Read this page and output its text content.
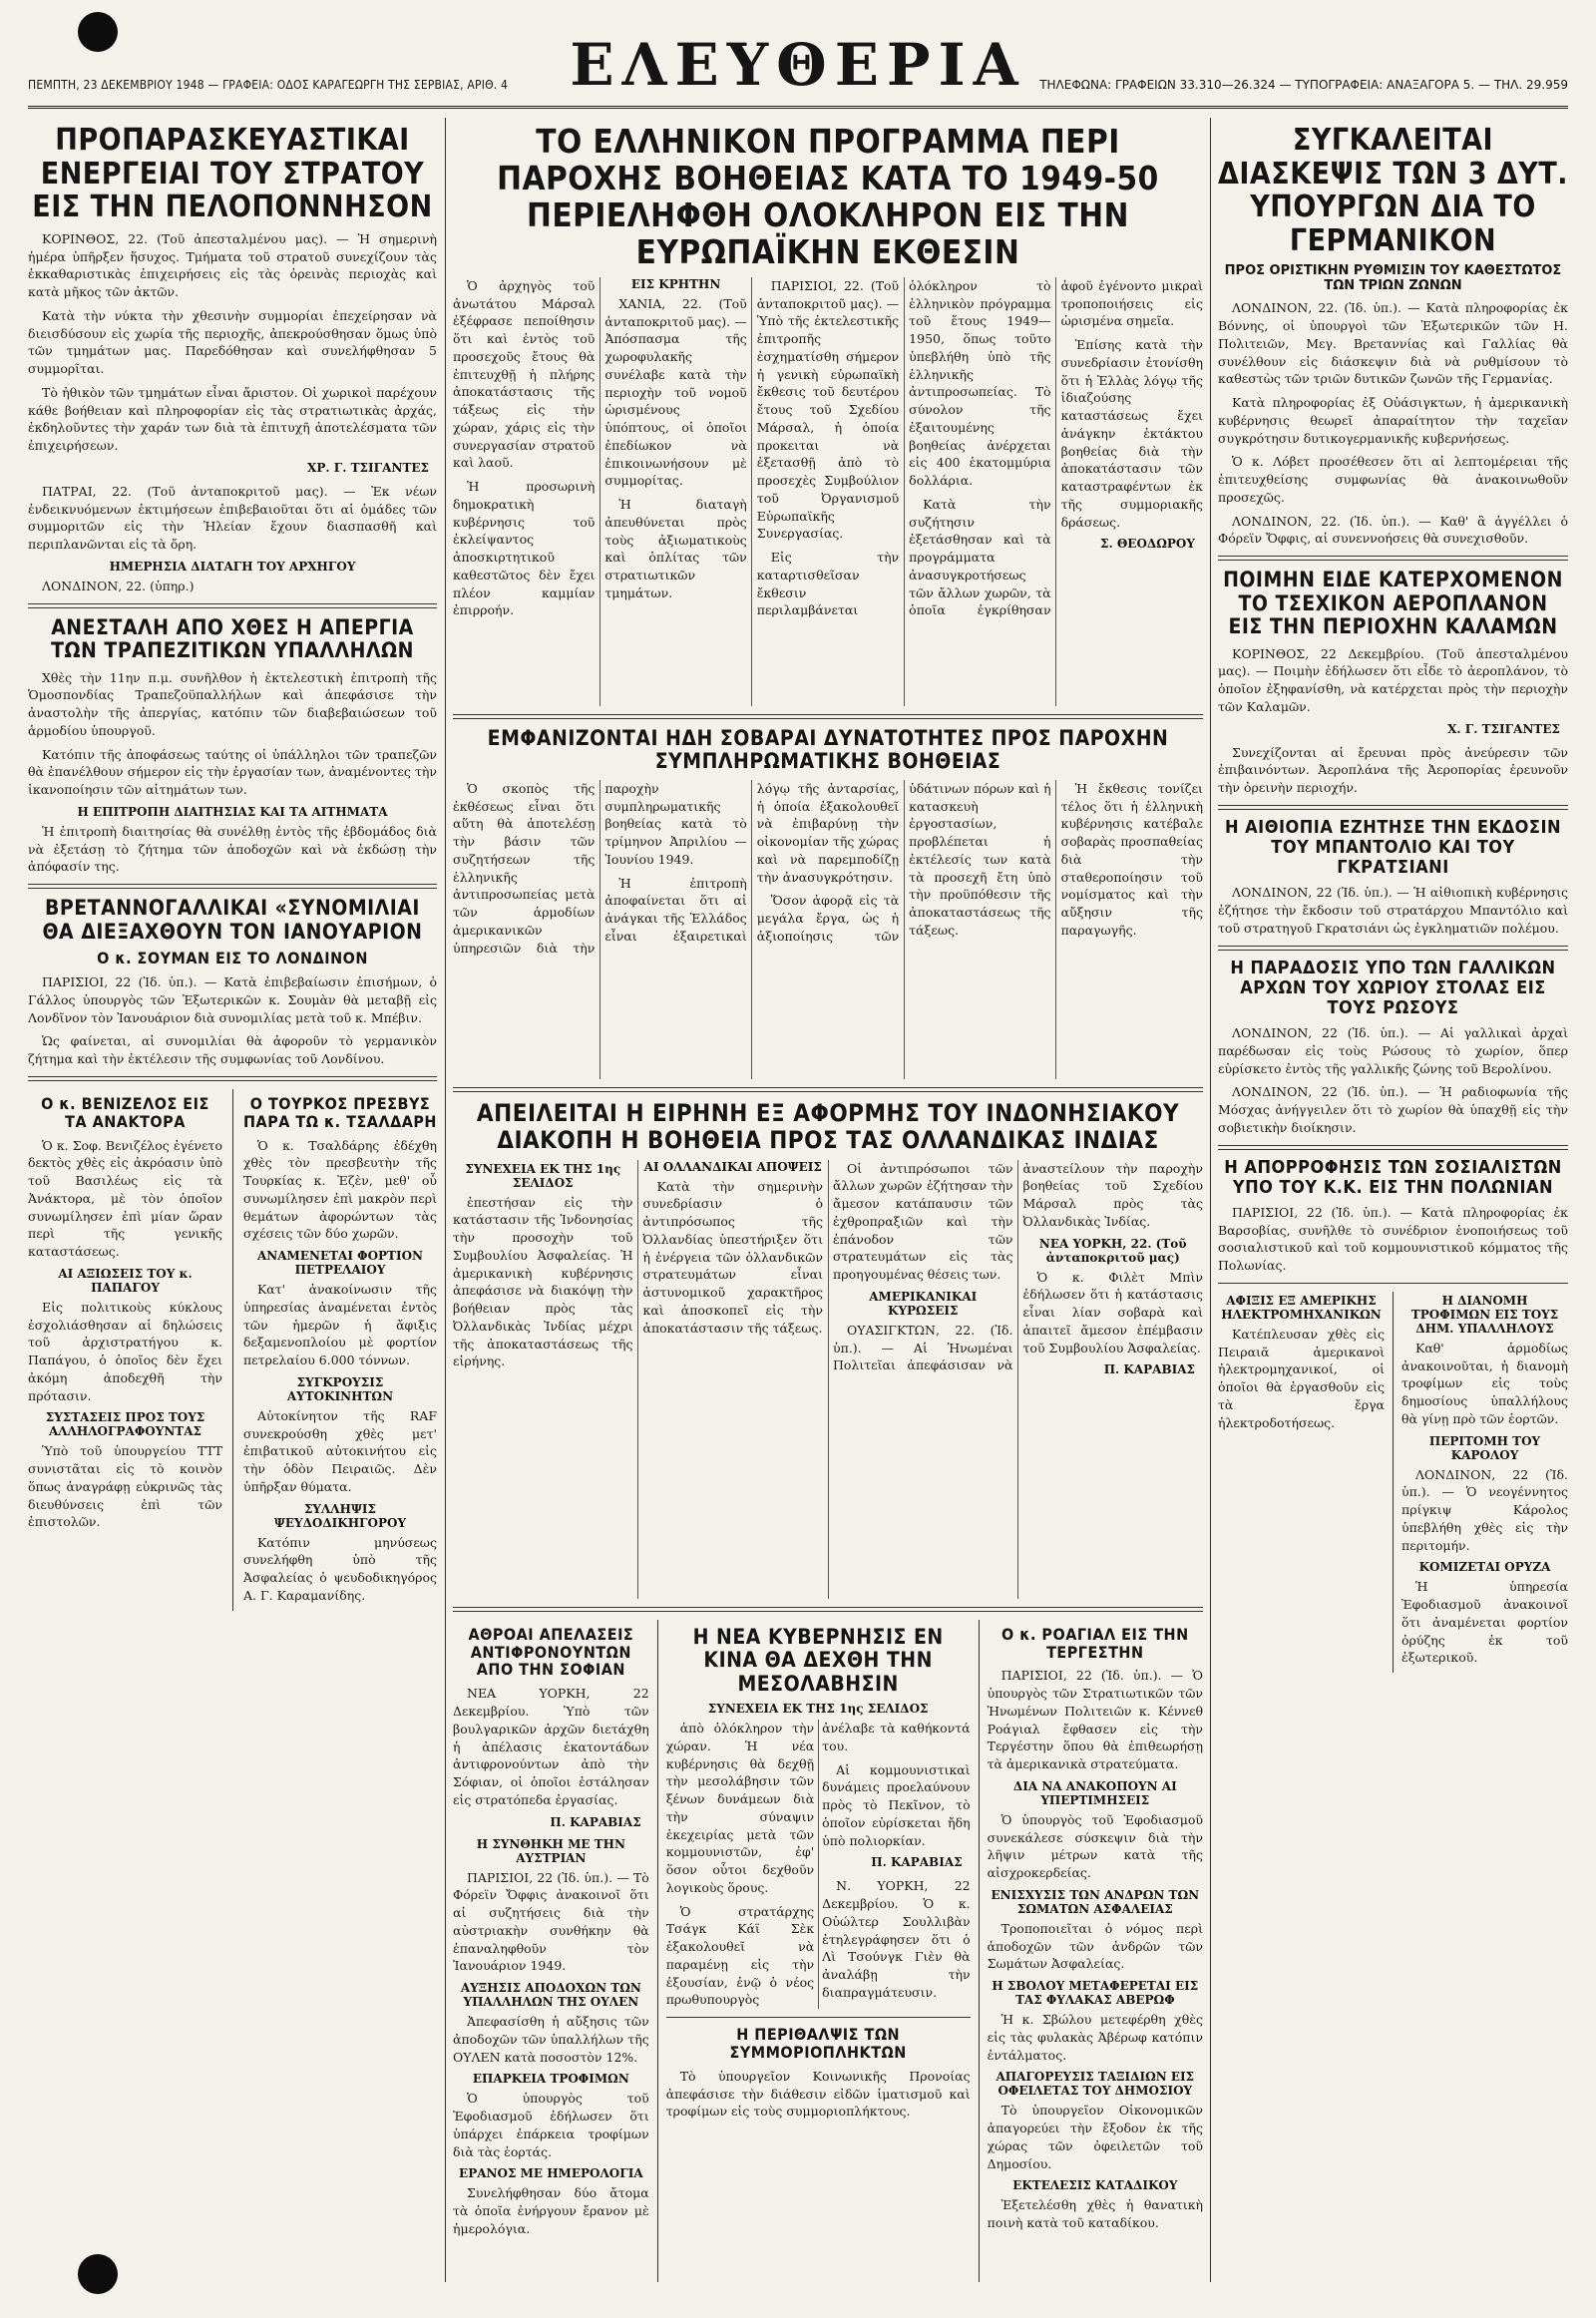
ΠΕΜΠΤΗ, 23 ΔΕΚΕΜΒΡΙΟΥ 1948 — ΓΡΑΦΕΙΑ: ΟΔΟΣ ΚΑΡΑΓΕΩΡΓΗ ΤΗΣ ΣΕΡΒΙΑΣ, ΑΡΙΘ. 4	ΕΛΕΥΘΕΡΙΑ	ΤΗΛΕΦΩΝΑ: ΓΡΑΦΕΙΩΝ 33.310—26.324 — ΤΥΠΟΓΡΑΦΕΙΑ: ΑΝΑΞΑΓΟΡΑ 5. — ΤΗΛ. 29.959
ΠΡΟΠΑΡΑΣΚΕΥΑΣΤΙΚΑΙ ΕΝΕΡΓΕΙΑΙ ΤΟΥ ΣΤΡΑΤΟΥ ΕΙΣ ΤΗΝ ΠΕΛΟΠΟΝΝΗΣΟΝ

ΚΟΡΙΝΘΟΣ, 22. (Τοῦ ἀπεσταλμένου μας). — Ἡ σημερινὴ ἡμέρα ὑπῆρξεν ἥσυχος. Τμήματα τοῦ στρατοῦ συνεχίζουν τὰς ἐκκαθαριστικὰς ἐπιχειρήσεις εἰς τὰς ὀρεινὰς περιοχὰς καὶ κατὰ μῆκος τῶν ἀκτῶν.

Κατὰ τὴν νύκτα τὴν χθεσινὴν συμμορίαι ἐπεχείρησαν νὰ διεισδύσουν εἰς χωρία τῆς περιοχῆς, ἀπεκρούσθησαν ὅμως ὑπὸ τῶν τμημάτων μας. Παρεδόθησαν καὶ συνελήφθησαν 5 συμμορῖται.

Τὸ ἠθικὸν τῶν τμημάτων εἶναι ἄριστον. Οἱ χωρικοὶ παρέχουν κάθε βοήθειαν καὶ πληροφορίαν εἰς τὰς στρατιωτικὰς ἀρχάς, ἐκδηλοῦντες τὴν χαράν των διὰ τὰ ἐπιτυχῆ ἀποτελέσματα τῶν ἐπιχειρήσεων.

ΧΡ. Γ. ΤΣΙΓΑΝΤΕΣ

ΠΑΤΡΑΙ, 22. (Τοῦ ἀνταποκριτοῦ μας). — Ἐκ νέων ἐνδεικνυόμενων ἐκτιμήσεων ἐπιβεβαιοῦται ὅτι αἱ ὁμάδες τῶν συμμοριτῶν εἰς τὴν Ἠλείαν ἔχουν διασπασθῆ καὶ περιπλανῶνται εἰς τὰ ὄρη.

ΗΜΕΡΗΣΙΑ ΔΙΑΤΑΓΗ ΤΟΥ ΑΡΧΗΓΟΥ

ΛΟΝΔΙΝΟΝ, 22. (ὑπηρ.)

ΑΝΕΣΤΑΛΗ ΑΠΟ ΧΘΕΣ Η ΑΠΕΡΓΙΑ ΤΩΝ ΤΡΑΠΕΖΙΤΙΚΩΝ ΥΠΑΛΛΗΛΩΝ

Χθὲς τὴν 11ην π.μ. συνῆλθον ἡ ἐκτελεστικὴ ἐπιτροπὴ τῆς Ὁμοσπονδίας Τραπεζοϋπαλλήλων καὶ ἀπεφάσισε τὴν ἀναστολὴν τῆς ἀπεργίας, κατόπιν τῶν διαβεβαιώσεων τοῦ ἁρμοδίου ὑπουργοῦ.

Κατόπιν τῆς ἀποφάσεως ταύτης οἱ ὑπάλληλοι τῶν τραπεζῶν θὰ ἐπανέλθουν σήμερον εἰς τὴν ἐργασίαν των, ἀναμένοντες τὴν ἱκανοποίησιν τῶν αἰτημάτων των.

Η ΕΠΙΤΡΟΠΗ ΔΙΑΙΤΗΣΙΑΣ ΚΑΙ ΤΑ ΑΙΤΗΜΑΤΑ

Ἡ ἐπιτροπὴ διαιτησίας θὰ συνέλθῃ ἐντὸς τῆς ἑβδομάδος διὰ νὰ ἐξετάσῃ τὸ ζήτημα τῶν ἀποδοχῶν καὶ νὰ ἐκδώσῃ τὴν ἀπόφασίν της.

ΒΡΕΤΑΝΝΟΓΑΛΛΙΚΑΙ «ΣΥΝΟΜΙΛΙΑΙ ΘΑ ΔΙΕΞΑΧΘΟΥΝ ΤΟΝ ΙΑΝΟΥΑΡΙΟΝ
Ο κ. ΣΟΥΜΑΝ ΕΙΣ ΤΟ ΛΟΝΔΙΝΟΝ

ΠΑΡΙΣΙΟΙ, 22 (Ἰδ. ὑπ.). — Κατὰ ἐπιβεβαίωσιν ἐπισήμων, ὁ Γάλλος ὑπουργὸς τῶν Ἐξωτερικῶν κ. Σουμὰν θὰ μεταβῇ εἰς Λονδῖνον τὸν Ἰανουάριον διὰ συνομιλίας μετὰ τοῦ κ. Μπέβιν.

Ὡς φαίνεται, αἱ συνομιλίαι θὰ ἀφοροῦν τὸ γερμανικὸν ζήτημα καὶ τὴν ἐκτέλεσιν τῆς συμφωνίας τοῦ Λονδίνου.

Ο κ. ΒΕΝΙΖΕΛΟΣ ΕΙΣ ΤΑ ΑΝΑΚΤΟΡΑ

Ὁ κ. Σοφ. Βενιζέλος ἐγένετο δεκτὸς χθὲς εἰς ἀκρόασιν ὑπὸ τοῦ Βασιλέως εἰς τὰ Ἀνάκτορα, μὲ τὸν ὁποῖον συνωμίλησεν ἐπὶ μίαν ὥραν περὶ τῆς γενικῆς καταστάσεως.

ΑΙ ΑΞΙΩΣΕΙΣ ΤΟΥ κ. ΠΑΠΑΓΟΥ

Εἰς πολιτικοὺς κύκλους ἐσχολιάσθησαν αἱ δηλώσεις τοῦ ἀρχιστρατήγου κ. Παπάγου, ὁ ὁποῖος δὲν ἔχει ἀκόμη ἀποδεχθῆ τὴν πρότασιν.

ΣΥΣΤΑΣΕΙΣ ΠΡΟΣ ΤΟΥΣ ΑΛΛΗΛΟΓΡΑΦΟΥΝΤΑΣ

Ὑπὸ τοῦ ὑπουργείου ΤΤΤ συνιστᾶται εἰς τὸ κοινὸν ὅπως ἀναγράφῃ εὐκρινῶς τὰς διευθύνσεις ἐπὶ τῶν ἐπιστολῶν.

Ο ΤΟΥΡΚΟΣ ΠΡΕΣΒΥΣ ΠΑΡΑ ΤΩ κ. ΤΣΑΛΔΑΡΗ

Ὁ κ. Τσαλδάρης ἐδέχθη χθὲς τὸν πρεσβευτὴν τῆς Τουρκίας κ. Ἐζὲν, μεθ' οὗ συνωμίλησεν ἐπὶ μακρὸν περὶ θεμάτων ἀφορώντων τὰς σχέσεις τῶν δύο χωρῶν.

ΑΝΑΜΕΝΕΤΑΙ ΦΟΡΤΙΟΝ ΠΕΤΡΕΛΑΙΟΥ

Κατ' ἀνακοίνωσιν τῆς ὑπηρεσίας ἀναμένεται ἐντὸς τῶν ἡμερῶν ἡ ἄφιξις δεξαμενοπλοίου μὲ φορτίον πετρελαίου 6.000 τόννων.

ΣΥΓΚΡΟΥΣΙΣ ΑΥΤΟΚΙΝΗΤΩΝ

Αὐτοκίνητον τῆς RAF συνεκρούσθη χθὲς μετ' ἐπιβατικοῦ αὐτοκινήτου εἰς τὴν ὁδὸν Πειραιῶς. Δὲν ὑπῆρξαν θύματα.

ΣΥΛΛΗΨΙΣ ΨΕΥΔΟΔΙΚΗΓΟΡΟΥ

Κατόπιν μηνύσεως συνελήφθη ὑπὸ τῆς Ἀσφαλείας ὁ ψευδοδικηγόρος Α. Γ. Καραμανίδης.

ΤΟ ΕΛΛΗΝΙΚΟΝ ΠΡΟΓΡΑΜΜΑ ΠΕΡΙ ΠΑΡΟΧΗΣ ΒΟΗΘΕΙΑΣ ΚΑΤΑ ΤΟ 1949-50 ΠΕΡΙΕΛΗΦΘΗ ΟΛΟΚΛΗΡΟΝ ΕΙΣ ΤΗΝ ΕΥΡΩΠΑΪΚΗΝ ΕΚΘΕΣΙΝ

Ὁ ἀρχηγὸς τοῦ ἀνωτάτου Μάρσαλ ἐξέφρασε πεποίθησιν ὅτι καὶ ἐντὸς τοῦ προσεχοῦς ἔτους θὰ ἐπιτευχθῇ ἡ πλήρης ἀποκατάστασις τῆς τάξεως εἰς τὴν χώραν, χάρις εἰς τὴν συνεργασίαν στρατοῦ καὶ λαοῦ.

Ἡ προσωρινὴ δημοκρατικὴ κυβέρνησις τοῦ ἐκλείψαντος ἀποσκιρτητικοῦ καθεστῶτος δὲν ἔχει πλέον καμμίαν ἐπιρροήν.

ΕΙΣ ΚΡΗΤΗΝ

ΧΑΝΙΑ, 22. (Τοῦ ἀνταποκριτοῦ μας). — Ἀπόσπασμα τῆς χωροφυλακῆς συνέλαβε κατὰ τὴν περιοχὴν τοῦ νομοῦ ὡρισμένους ὑπόπτους, οἱ ὁποῖοι ἐπεδίωκον νὰ ἐπικοινωνήσουν μὲ συμμορίτας.

Ἡ διαταγὴ ἀπευθύνεται πρὸς τοὺς ἀξιωματικοὺς καὶ ὁπλίτας τῶν στρατιωτικῶν τμημάτων.

ΠΑΡΙΣΙΟΙ, 22. (Τοῦ ἀνταποκριτοῦ μας). — Ὑπὸ τῆς ἐκτελεστικῆς ἐπιτροπῆς ἐσχηματίσθη σήμερον ἡ γενικὴ εὐρωπαϊκὴ ἔκθεσις τοῦ δευτέρου ἔτους τοῦ Σχεδίου Μάρσαλ, ἡ ὁποία προκειται νὰ ἐξετασθῇ ἀπὸ τὸ προσεχὲς Συμβούλιον τοῦ Ὀργανισμοῦ Εὐρωπαϊκῆς Συνεργασίας.

Εἰς τὴν καταρτισθεῖσαν ἔκθεσιν περιλαμβάνεται ὁλόκληρον τὸ ἑλληνικὸν πρόγραμμα τοῦ ἔτους 1949—1950, ὅπως τοῦτο ὑπεβλήθη ὑπὸ τῆς ἑλληνικῆς ἀντιπροσωπείας. Τὸ σύνολον τῆς ἐξαιτουμένης βοηθείας ἀνέρχεται εἰς 400 ἑκατομμύρια δολλάρια.

Κατὰ τὴν συζήτησιν ἐξετάσθησαν καὶ τὰ προγράμματα ἀνασυγκροτήσεως τῶν ἄλλων χωρῶν, τὰ ὁποῖα ἐγκρίθησαν ἀφοῦ ἐγένοντο μικραὶ τροποποιήσεις εἰς ὡρισμένα σημεῖα.

Ἐπίσης κατὰ τὴν συνεδρίασιν ἐτονίσθη ὅτι ἡ Ἑλλὰς λόγῳ τῆς ἰδιαζούσης καταστάσεως ἔχει ἀνάγκην ἐκτάκτου βοηθείας διὰ τὴν ἀποκατάστασιν τῶν καταστραφέντων ἐκ τῆς συμμοριακῆς δράσεως.

Σ. ΘΕΟΔΩΡΟΥ
ΕΜΦΑΝΙΖΟΝΤΑΙ ΗΔΗ ΣΟΒΑΡΑΙ ΔΥΝΑΤΟΤΗΤΕΣ ΠΡΟΣ ΠΑΡΟΧΗΝ ΣΥΜΠΛΗΡΩΜΑΤΙΚΗΣ ΒΟΗΘΕΙΑΣ

Ὁ σκοπὸς τῆς ἐκθέσεως εἶναι ὅτι αὕτη θὰ ἀποτελέσῃ τὴν βάσιν τῶν συζητήσεων τῆς ἑλληνικῆς ἀντιπροσωπείας μετὰ τῶν ἁρμοδίων ἀμερικανικῶν ὑπηρεσιῶν διὰ τὴν παροχὴν συμπληρωματικῆς βοηθείας κατὰ τὸ τρίμηνον Ἀπριλίου — Ἰουνίου 1949.

Ἡ ἐπιτροπὴ ἀποφαίνεται ὅτι αἱ ἀνάγκαι τῆς Ἑλλάδος εἶναι ἐξαιρετικαὶ λόγῳ τῆς ἀνταρσίας, ἡ ὁποία ἐξακολουθεῖ νὰ ἐπιβαρύνῃ τὴν οἰκονομίαν τῆς χώρας καὶ νὰ παρεμποδίζῃ τὴν ἀνασυγκρότησιν.

Ὅσον ἀφορᾷ εἰς τὰ μεγάλα ἔργα, ὡς ἡ ἀξιοποίησις τῶν ὑδάτινων πόρων καὶ ἡ κατασκευὴ ἐργοστασίων, προβλέπεται ἡ ἐκτέλεσίς των κατὰ τὰ προσεχῆ ἔτη ὑπὸ τὴν προϋπόθεσιν τῆς ἀποκαταστάσεως τῆς τάξεως.

Ἡ ἔκθεσις τονίζει τέλος ὅτι ἡ ἑλληνικὴ κυβέρνησις κατέβαλε σοβαρὰς προσπαθείας διὰ τὴν σταθεροποίησιν τοῦ νομίσματος καὶ τὴν αὔξησιν τῆς παραγωγῆς.

ΑΠΕΙΛΕΙΤΑΙ Η ΕΙΡΗΝΗ ΕΞ ΑΦΟΡΜΗΣ ΤΟΥ ΙΝΔΟΝΗΣΙΑΚΟΥ ΔΙΑΚΟΠΗ Η ΒΟΗΘΕΙΑ ΠΡΟΣ ΤΑΣ ΟΛΛΑΝΔΙΚΑΣ ΙΝΔΙΑΣ
ΣΥΝΕΧΕΙΑ ΕΚ ΤΗΣ 1ης ΣΕΛΙΔΟΣ

ἐπεστήσαν εἰς τὴν κατάστασιν τῆς Ἰνδονησίας τὴν προσοχὴν τοῦ Συμβουλίου Ἀσφαλείας. Ἡ ἀμερικανικὴ κυβέρνησις ἀπεφάσισε νὰ διακόψῃ τὴν βοήθειαν πρὸς τὰς Ὀλλανδικὰς Ἰνδίας μέχρι τῆς ἀποκαταστάσεως τῆς εἰρήνης.

ΑΙ ΟΛΛΑΝΔΙΚΑΙ ΑΠΟΨΕΙΣ

Κατὰ τὴν σημερινὴν συνεδρίασιν ὁ ἀντιπρόσωπος τῆς Ὀλλανδίας ὑπεστήριξεν ὅτι ἡ ἐνέργεια τῶν ὀλλανδικῶν στρατευμάτων εἶναι ἀστυνομικοῦ χαρακτῆρος καὶ ἀποσκοπεῖ εἰς τὴν ἀποκατάστασιν τῆς τάξεως.

Οἱ ἀντιπρόσωποι τῶν ἄλλων χωρῶν ἐζήτησαν τὴν ἄμεσον κατάπαυσιν τῶν ἐχθροπραξιῶν καὶ τὴν ἐπάνοδον τῶν στρατευμάτων εἰς τὰς προηγουμένας θέσεις των.

ΑΜΕΡΙΚΑΝΙΚΑΙ ΚΥΡΩΣΕΙΣ

ΟΥΑΣΙΓΚΤΩΝ, 22. (Ἰδ. ὑπ.). — Αἱ Ἡνωμέναι Πολιτεῖαι ἀπεφάσισαν νὰ ἀναστείλουν τὴν παροχὴν βοηθείας τοῦ Σχεδίου Μάρσαλ πρὸς τὰς Ὀλλανδικὰς Ἰνδίας.

ΝΕΑ ΥΟΡΚΗ, 22. (Τοῦ ἀνταποκριτοῦ μας)

Ὁ κ. Φιλὲτ Μπὶν ἐδήλωσεν ὅτι ἡ κατάστασις εἶναι λίαν σοβαρὰ καὶ ἀπαιτεῖ ἄμεσον ἐπέμβασιν τοῦ Συμβουλίου Ἀσφαλείας.

Π. ΚΑΡΑΒΙΑΣ
ΑΘΡΟΑΙ ΑΠΕΛΑΣΕΙΣ ΑΝΤΙΦΡΟΝΟΥΝΤΩΝ ΑΠΟ ΤΗΝ ΣΟΦΙΑΝ

ΝΕΑ ΥΟΡΚΗ, 22 Δεκεμβρίου. Ὑπὸ τῶν βουλγαρικῶν ἀρχῶν διετάχθη ἡ ἀπέλασις ἑκατοντάδων ἀντιφρονούντων ἀπὸ τὴν Σόφιαν, οἱ ὁποῖοι ἐστάλησαν εἰς στρατόπεδα ἐργασίας.

Π. ΚΑΡΑΒΙΑΣ
Η ΣΥΝΘΗΚΗ ΜΕ ΤΗΝ ΑΥΣΤΡΙΑΝ

ΠΑΡΙΣΙΟΙ, 22 (Ἰδ. ὑπ.). — Τὸ Φόρεϊν Ὄφφις ἀνακοινοῖ ὅτι αἱ συζητήσεις διὰ τὴν αὐστριακὴν συνθήκην θὰ ἐπαναληφθοῦν τὸν Ἰανουάριον 1949.

ΑΥΞΗΣΙΣ ΑΠΟΔΟΧΩΝ ΤΩΝ ΥΠΑΛΛΗΛΩΝ ΤΗΣ ΟΥΛΕΝ

Ἀπεφασίσθη ἡ αὔξησις τῶν ἀποδοχῶν τῶν ὑπαλλήλων τῆς ΟΥΛΕΝ κατὰ ποσοστὸν 12%.

ΕΠΑΡΚΕΙΑ ΤΡΟΦΙΜΩΝ

Ὁ ὑπουργὸς τοῦ Ἐφοδιασμοῦ ἐδήλωσεν ὅτι ὑπάρχει ἐπάρκεια τροφίμων διὰ τὰς ἑορτάς.

ΕΡΑΝΟΣ ΜΕ ΗΜΕΡΟΛΟΓΙΑ

Συνελήφθησαν δύο ἄτομα τὰ ὁποῖα ἐνήργουν ἔρανον μὲ ἡμερολόγια.

Η ΝΕΑ ΚΥΒΕΡΝΗΣΙΣ ΕΝ ΚΙΝΑ ΘΑ ΔΕΧΘΗ ΤΗΝ ΜΕΣΟΛΑΒΗΣΙΝ
ΣΥΝΕΧΕΙΑ ΕΚ ΤΗΣ 1ης ΣΕΛΙΔΟΣ

ἀπὸ ὁλόκληρον τὴν χώραν. Ἡ νέα κυβέρνησις θὰ δεχθῇ τὴν μεσολάβησιν τῶν ξένων δυνάμεων διὰ τὴν σύναψιν ἐκεχειρίας μετὰ τῶν κομμουνιστῶν, ἐφ' ὅσον οὗτοι δεχθοῦν λογικοὺς ὅρους.

Ὁ στρατάρχης Τσάγκ Κάϊ Σὲκ ἐξακολουθεῖ νὰ παραμένῃ εἰς τὴν ἐξουσίαν, ἐνῷ ὁ νέος πρωθυπουργὸς ἀνέλαβε τὰ καθήκοντά του.

Αἱ κομμουνιστικαὶ δυνάμεις προελαύνουν πρὸς τὸ Πεκῖνον, τὸ ὁποῖον εὑρίσκεται ἤδη ὑπὸ πολιορκίαν.

Π. ΚΑΡΑΒΙΑΣ

Ν. ΥΟΡΚΗ, 22 Δεκεμβρίου. Ὁ κ. Οὐώλτερ Σουλλιβὰν ἐτηλεγράφησεν ὅτι ὁ Λὶ Τσούνγκ Γιὲν θὰ ἀναλάβῃ τὴν διαπραγμάτευσιν.

Η ΠΕΡΙΘΑΛΨΙΣ ΤΩΝ ΣΥΜΜΟΡΙΟΠΛΗΚΤΩΝ

Τὸ ὑπουργεῖον Κοινωνικῆς Προνοίας ἀπεφάσισε τὴν διάθεσιν εἰδῶν ἱματισμοῦ καὶ τροφίμων εἰς τοὺς συμμοριοπλήκτους.

Ο κ. ΡΟΑΓΙΑΛ ΕΙΣ ΤΗΝ ΤΕΡΓΕΣΤΗΝ

ΠΑΡΙΣΙΟΙ, 22 (Ἰδ. ὑπ.). — Ὁ ὑπουργὸς τῶν Στρατιωτικῶν τῶν Ἡνωμένων Πολιτειῶν κ. Κέννεθ Ροάγιαλ ἔφθασεν εἰς τὴν Τεργέστην ὅπου θὰ ἐπιθεωρήσῃ τὰ ἀμερικανικὰ στρατεύματα.

ΔΙΑ ΝΑ ΑΝΑΚΟΠΟΥΝ ΑΙ ΥΠΕΡΤΙΜΗΣΕΙΣ

Ὁ ὑπουργὸς τοῦ Ἐφοδιασμοῦ συνεκάλεσε σύσκεψιν διὰ τὴν λῆψιν μέτρων κατὰ τῆς αἰσχροκερδείας.

ΕΝΙΣΧΥΣΙΣ ΤΩΝ ΑΝΔΡΩΝ ΤΩΝ ΣΩΜΑΤΩΝ ΑΣΦΑΛΕΙΑΣ

Τροποποιεῖται ὁ νόμος περὶ ἀποδοχῶν τῶν ἀνδρῶν τῶν Σωμάτων Ἀσφαλείας.

Η ΣΒΟΛΟΥ ΜΕΤΑΦΕΡΕΤΑΙ ΕΙΣ ΤΑΣ ΦΥΛΑΚΑΣ ΑΒΕΡΩΦ

Ἡ κ. Σβώλου μετεφέρθη χθὲς εἰς τὰς φυλακὰς Ἀβέρωφ κατόπιν ἐντάλματος.

ΑΠΑΓΟΡΕΥΣΙΣ ΤΑΞΙΔΙΩΝ ΕΙΣ ΟΦΕΙΛΕΤΑΣ ΤΟΥ ΔΗΜΟΣΙΟΥ

Τὸ ὑπουργεῖον Οἰκονομικῶν ἀπαγορεύει τὴν ἔξοδον ἐκ τῆς χώρας τῶν ὀφειλετῶν τοῦ Δημοσίου.

ΕΚΤΕΛΕΣΙΣ ΚΑΤΑΔΙΚΟΥ

Ἐξετελέσθη χθὲς ἡ θανατικὴ ποινὴ κατὰ τοῦ καταδίκου.

ΣΥΓΚΑΛΕΙΤΑΙ ΔΙΑΣΚΕΨΙΣ ΤΩΝ 3 ΔΥΤ. ΥΠΟΥΡΓΩΝ ΔΙΑ ΤΟ ΓΕΡΜΑΝΙΚΟΝ
ΠΡΟΣ ΟΡΙΣΤΙΚΗΝ ΡΥΘΜΙΣΙΝ ΤΟΥ ΚΑΘΕΣΤΩΤΟΣ ΤΩΝ ΤΡΙΩΝ ΖΩΝΩΝ

ΛΟΝΔΙΝΟΝ, 22. (Ἰδ. ὑπ.). — Κατὰ πληροφορίας ἐκ Βόννης, οἱ ὑπουργοὶ τῶν Ἐξωτερικῶν τῶν Η. Πολιτειῶν, Μεγ. Βρεταννίας καὶ Γαλλίας θὰ συνέλθουν εἰς διάσκεψιν διὰ νὰ ρυθμίσουν τὸ καθεστὼς τῶν τριῶν δυτικῶν ζωνῶν τῆς Γερμανίας.

Κατὰ πληροφορίας ἐξ Οὐάσιγκτων, ἡ ἀμερικανικὴ κυβέρνησις θεωρεῖ ἀπαραίτητον τὴν ταχεῖαν συγκρότησιν δυτικογερμανικῆς κυβερνήσεως.

Ὁ κ. Λόβετ προσέθεσεν ὅτι αἱ λεπτομέρειαι τῆς ἐπιτευχθείσης συμφωνίας θὰ ἀνακοινωθοῦν προσεχῶς.

ΛΟΝΔΙΝΟΝ, 22. (Ἰδ. ὑπ.). — Καθ' ἃ ἀγγέλλει ὁ Φόρεϊν Ὄφφις, αἱ συνεννοήσεις θὰ συνεχισθοῦν.

ΠΟΙΜΗΝ ΕΙΔΕ ΚΑΤΕΡΧΟΜΕΝΟΝ ΤΟ ΤΣΕΧΙΚΟΝ ΑΕΡΟΠΛΑΝΟΝ ΕΙΣ ΤΗΝ ΠΕΡΙΟΧΗΝ ΚΑΛΑΜΩΝ

ΚΟΡΙΝΘΟΣ, 22 Δεκεμβρίου. (Τοῦ ἀπεσταλμένου μας). — Ποιμὴν ἐδήλωσεν ὅτι εἶδε τὸ ἀεροπλάνον, τὸ ὁποῖον ἐξηφανίσθη, νὰ κατέρχεται πρὸς τὴν περιοχὴν τῶν Καλαμῶν.

Χ. Γ. ΤΣΙΓΑΝΤΕΣ

Συνεχίζονται αἱ ἔρευναι πρὸς ἀνεύρεσιν τῶν ἐπιβαινόντων. Ἀεροπλάνα τῆς Ἀεροπορίας ἐρευνοῦν τὴν ὀρεινὴν περιοχήν.

Η ΑΙΘΙΟΠΙΑ ΕΖΗΤΗΣΕ ΤΗΝ ΕΚΔΟΣΙΝ ΤΟΥ ΜΠΑΝΤΟΛΙΟ ΚΑΙ ΤΟΥ ΓΚΡΑΤΣΙΑΝΙ

ΛΟΝΔΙΝΟΝ, 22 (Ἰδ. ὑπ.). — Ἡ αἰθιοπικὴ κυβέρνησις ἐζήτησε τὴν ἔκδοσιν τοῦ στρατάρχου Μπαντόλιο καὶ τοῦ στρατηγοῦ Γκρατσιάνι ὡς ἐγκληματιῶν πολέμου.

Η ΠΑΡΑΔΟΣΙΣ ΥΠΟ ΤΩΝ ΓΑΛΛΙΚΩΝ ΑΡΧΩΝ ΤΟΥ ΧΩΡΙΟΥ ΣΤΟΛΑΣ ΕΙΣ ΤΟΥΣ ΡΩΣΟΥΣ

ΛΟΝΔΙΝΟΝ, 22 (Ἰδ. ὑπ.). — Αἱ γαλλικαὶ ἀρχαὶ παρέδωσαν εἰς τοὺς Ρώσους τὸ χωρίον, ὅπερ εὑρίσκετο ἐντὸς τῆς γαλλικῆς ζώνης τοῦ Βερολίνου.

ΛΟΝΔΙΝΟΝ, 22 (Ἰδ. ὑπ.). — Ἡ ραδιοφωνία τῆς Μόσχας ἀνήγγειλεν ὅτι τὸ χωρίον θὰ ὑπαχθῇ εἰς τὴν σοβιετικὴν διοίκησιν.

Η ΑΠΟΡΡΟΦΗΣΙΣ ΤΩΝ ΣΟΣΙΑΛΙΣΤΩΝ ΥΠΟ ΤΟΥ Κ.Κ. ΕΙΣ ΤΗΝ ΠΟΛΩΝΙΑΝ

ΠΑΡΙΣΙΟΙ, 22 (Ἰδ. ὑπ.). — Κατὰ πληροφορίας ἐκ Βαρσοβίας, συνῆλθε τὸ συνέδριον ἑνοποιήσεως τοῦ σοσιαλιστικοῦ καὶ τοῦ κομμουνιστικοῦ κόμματος τῆς Πολωνίας.

ΑΦΙΞΙΣ ΕΞ ΑΜΕΡΙΚΗΣ ΗΛΕΚΤΡΟΜΗΧΑΝΙΚΩΝ

Κατέπλευσαν χθὲς εἰς Πειραιᾶ ἀμερικανοὶ ἠλεκτρομηχανικοί, οἱ ὁποῖοι θὰ ἐργασθοῦν εἰς τὰ ἔργα ἠλεκτροδοτήσεως.

Η ΔΙΑΝΟΜΗ ΤΡΟΦΙΜΩΝ ΕΙΣ ΤΟΥΣ ΔΗΜ. ΥΠΑΛΛΗΛΟΥΣ

Καθ' ἁρμοδίως ἀνακοινοῦται, ἡ διανομὴ τροφίμων εἰς τοὺς δημοσίους ὑπαλλήλους θὰ γίνῃ πρὸ τῶν ἑορτῶν.

ΠΕΡΙΤΟΜΗ ΤΟΥ ΚΑΡΟΛΟΥ

ΛΟΝΔΙΝΟΝ, 22 (Ἰδ. ὑπ.). — Ὁ νεογέννητος πρίγκιψ Κάρολος ὑπεβλήθη χθὲς εἰς τὴν περιτομήν.

ΚΟΜΙΖΕΤΑΙ ΟΡΥΖΑ

Ἡ ὑπηρεσία Ἐφοδιασμοῦ ἀνακοινοῖ ὅτι ἀναμένεται φορτίον ὀρύζης ἐκ τοῦ ἐξωτερικοῦ.
